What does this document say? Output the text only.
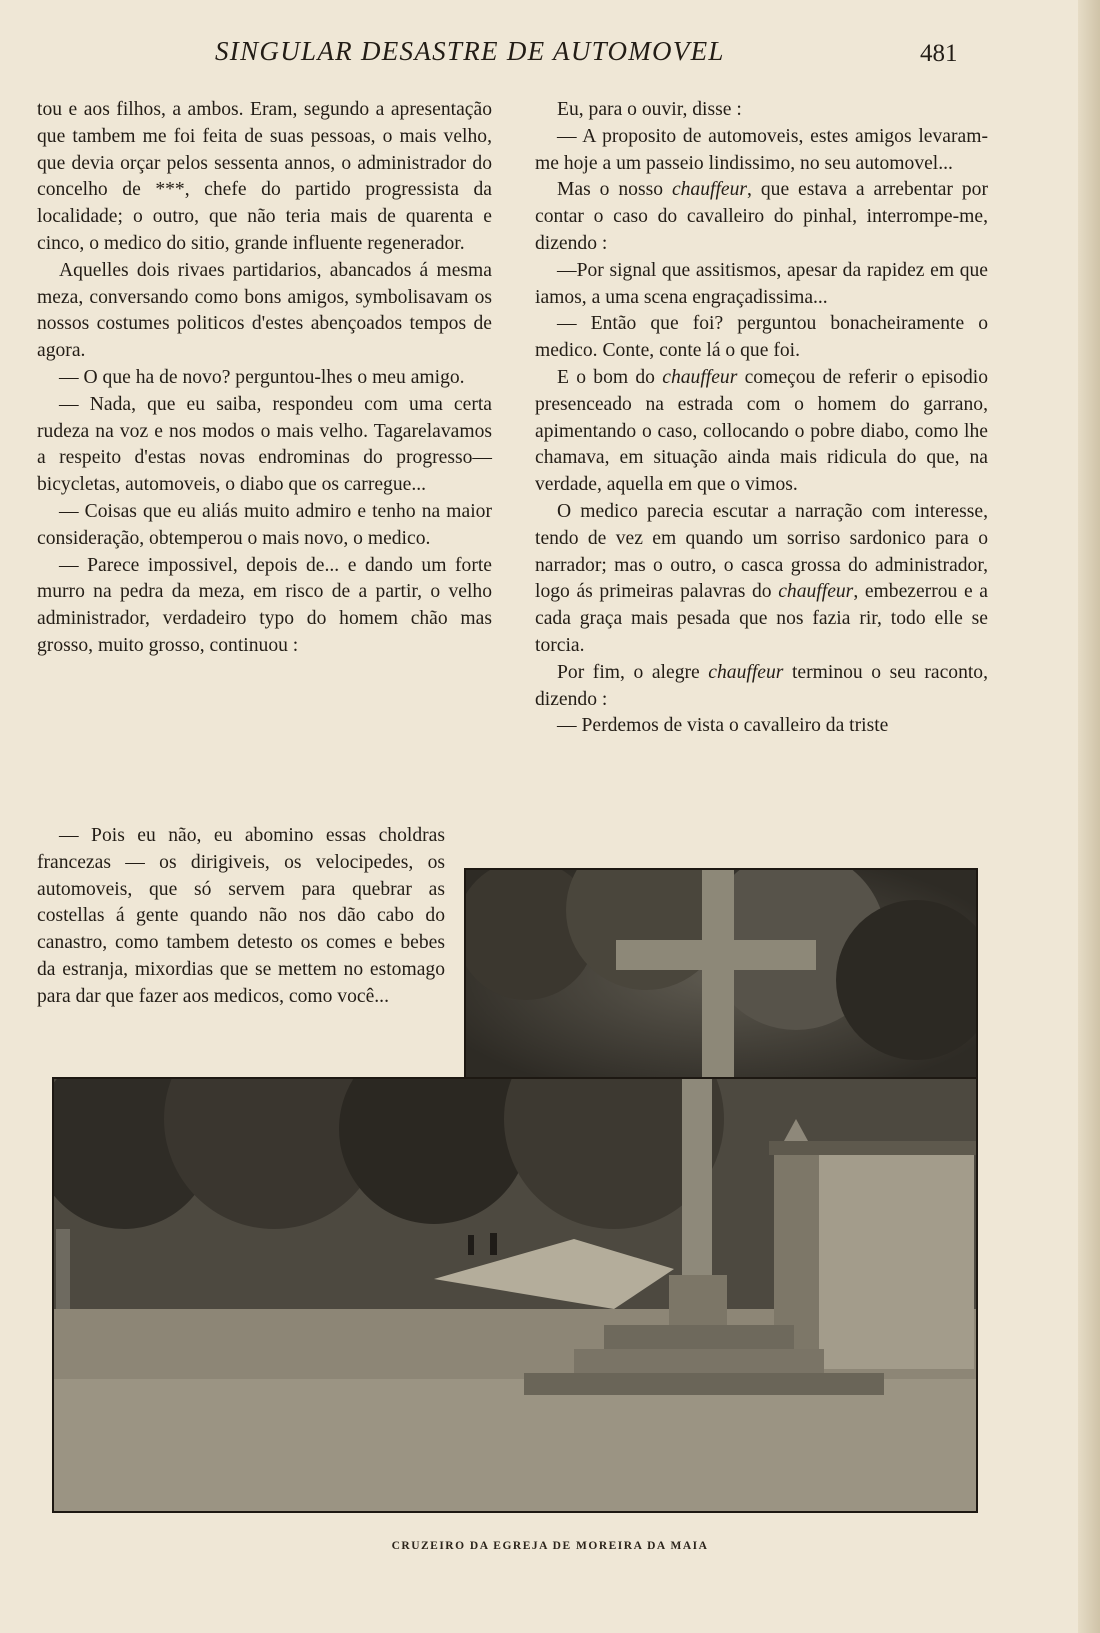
SINGULAR DESASTRE DE AUTOMOVEL	481

tou e aos filhos, a ambos. Eram, segundo a apresentação que tambem me foi feita de suas pessoas, o mais velho, que devia orçar pelos sessenta annos, o administrador do concelho de ***, chefe do partido progressista da localidade; o outro, que não teria mais de quarenta e cinco, o medico do sitio, grande influente regenerador.

Aquelles dois rivaes partidarios, abancados á mesma meza, conversando como bons amigos, symbolisavam os nossos costumes politicos d'estes abençoados tempos de agora.

— O que ha de novo? perguntou-lhes o meu amigo.

— Nada, que eu saiba, respondeu com uma certa rudeza na voz e nos modos o mais velho. Tagarelavamos a respeito d'estas novas endrominas do progresso—bicycletas, automoveis, o diabo que os carregue...

— Coisas que eu aliás muito admiro e tenho na maior consideração, obtemperou o mais novo, o medico.

— Parece impossivel, depois de... e dando um forte murro na pedra da meza, em risco de a partir, o velho administrador, verdadeiro typo do homem chão mas grosso, muito grosso, continuou :

— Pois eu não, eu abomino essas choldras francezas — os dirigiveis, os velocipedes, os automoveis, que só servem para quebrar as costellas á gente quando não nos dão cabo do canastro, como tambem detesto os comes e bebes da estranja, mixordias que se mettem no estomago para dar que fazer aos medicos, como você...

Eu, para o ouvir, disse :

— A proposito de automoveis, estes amigos levaram-me hoje a um passeio lindissimo, no seu automovel...

Mas o nosso chauffeur, que estava a arrebentar por contar o caso do cavalleiro do pinhal, interrompe-me, dizendo :

—Por signal que assitismos, apesar da rapidez em que iamos, a uma scena engraçadissima...

— Então que foi? perguntou bonacheiramente o medico. Conte, conte lá o que foi.

E o bom do chauffeur começou de referir o episodio presenceado na estrada com o homem do garrano, apimentando o caso, collocando o pobre diabo, como lhe chamava, em situação ainda mais ridicula do que, na verdade, aquella em que o vimos.

O medico parecia escutar a narração com interesse, tendo de vez em quando um sorriso sardonico para o narrador; mas o outro, o casca grossa do administrador, logo ás primeiras palavras do chauffeur, embezerrou e a cada graça mais pesada que nos fazia rir, todo elle se torcia.

Por fim, o alegre chauffeur terminou o seu raconto, dizendo :

— Perdemos de vista o cavalleiro da triste

CRUZEIRO DA EGREJA DE MOREIRA DA MAIA
